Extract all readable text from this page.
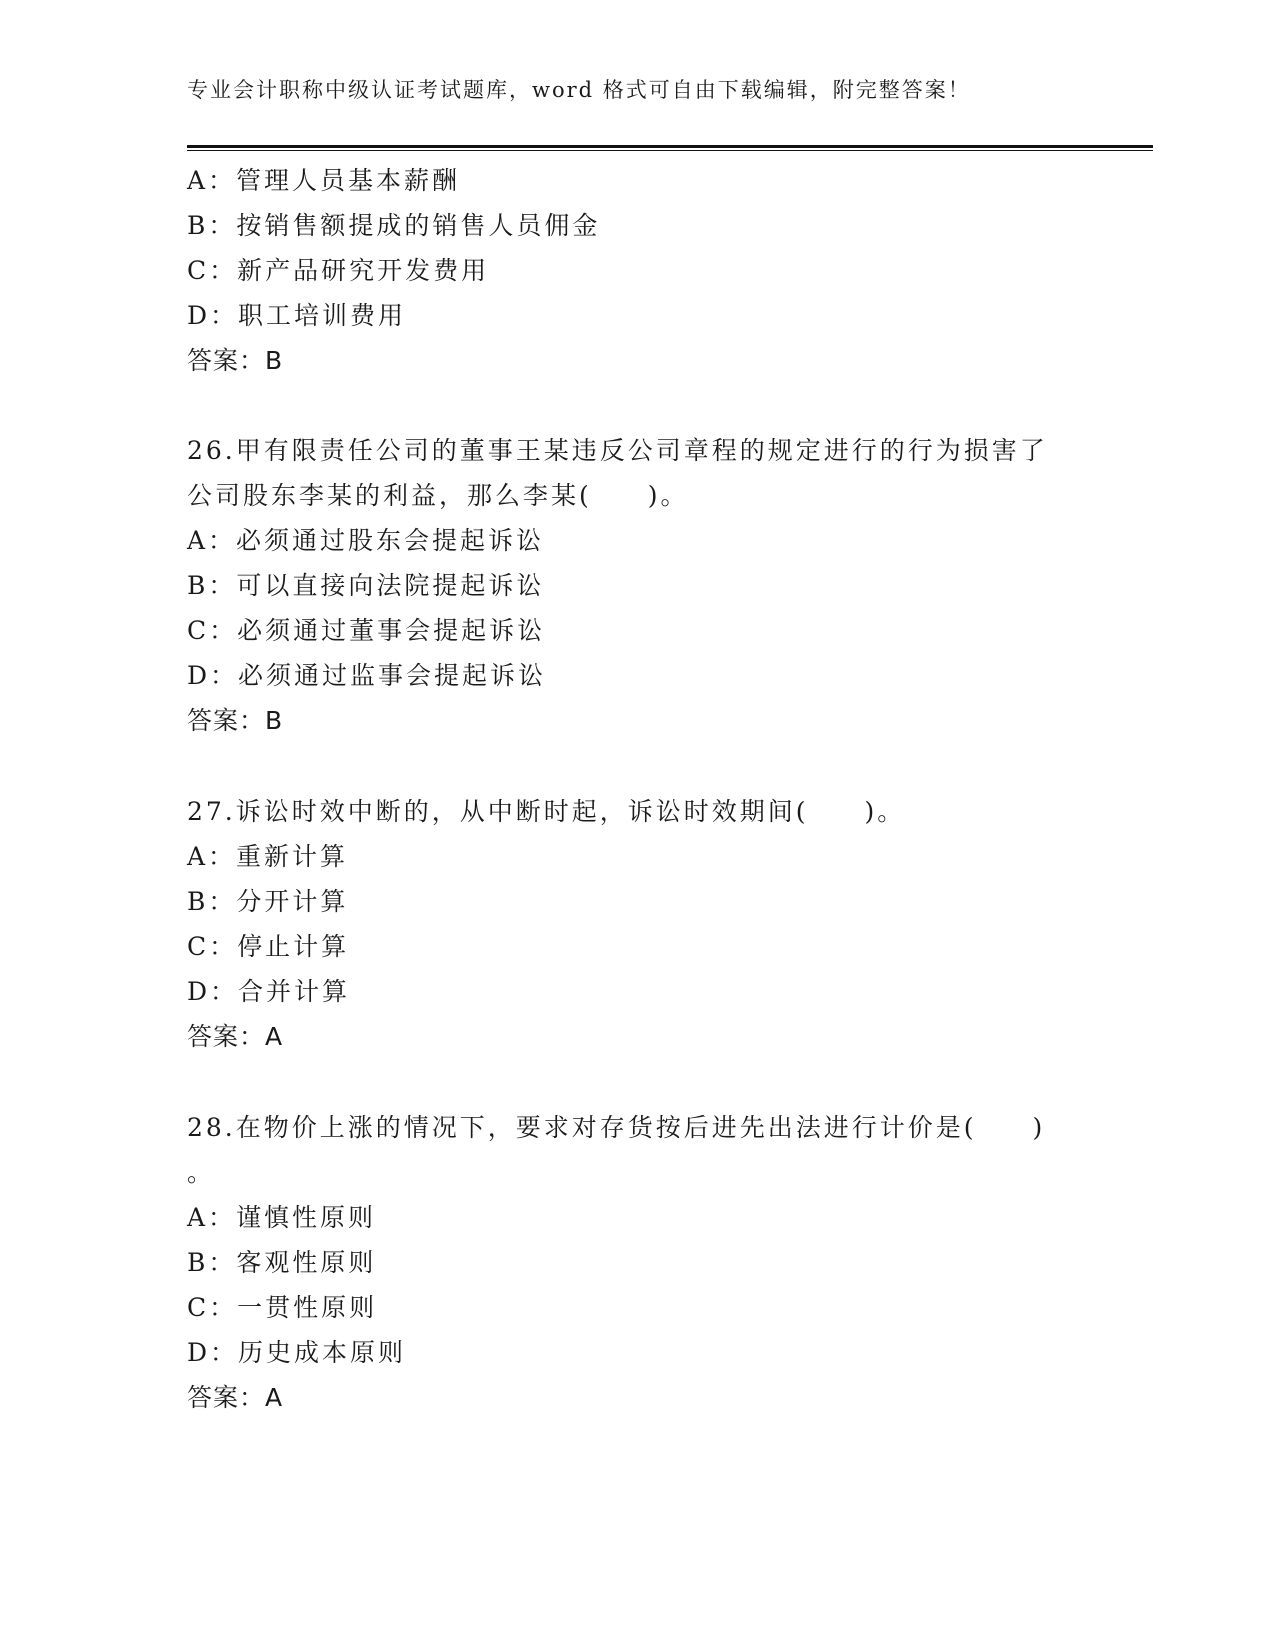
专业会计职称中级认证考试题库，word 格式可自由下载编辑，附完整答案！
A：管理人员基本薪酬
B：按销售额提成的销售人员佣金
C：新产品研究开发费用
D：职工培训费用
答案：B
26.甲有限责任公司的董事王某违反公司章程的规定进行的行为损害了
公司股东李某的利益，那么李某(　　)。
A：必须通过股东会提起诉讼
B：可以直接向法院提起诉讼
C：必须通过董事会提起诉讼
D：必须通过监事会提起诉讼
答案：B
27.诉讼时效中断的，从中断时起，诉讼时效期间(　　)。
A：重新计算
B：分开计算
C：停止计算
D：合并计算
答案：A
28.在物价上涨的情况下，要求对存货按后进先出法进行计价是(　　)
。
A：谨慎性原则
B：客观性原则
C：一贯性原则
D：历史成本原则
答案：A
